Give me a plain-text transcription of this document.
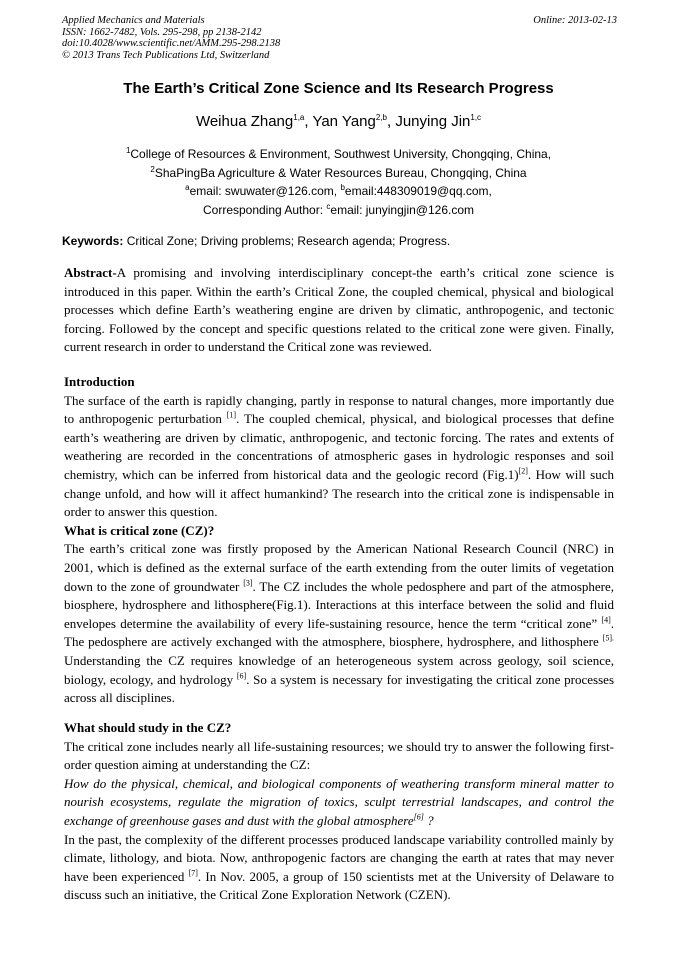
Applied Mechanics and Materials
ISSN: 1662-7482, Vols. 295-298, pp 2138-2142
doi:10.4028/www.scientific.net/AMM.295-298.2138
© 2013 Trans Tech Publications Ltd, Switzerland
Online: 2013-02-13
The Earth’s Critical Zone Science and Its Research Progress
Weihua Zhang$^{1,a}$, Yan Yang$^{2,b}$, Junying Jin$^{1,c}$
$^1$College of Resources & Environment, Southwest University, Chongqing, China,
$^2$ShaPingBa Agriculture & Water Resources Bureau, Chongqing, China
$^a$email: swuwater@126.com, $^b$email:448309019@qq.com,
Corresponding Author: $^c$email: junyingjin@126.com
Keywords: Critical Zone; Driving problems; Research agenda; Progress.

Abstract-A promising and involving interdisciplinary concept-the earth’s critical zone science is introduced in this paper. Within the earth’s Critical Zone, the coupled chemical, physical and biological processes which define Earth’s weathering engine are driven by climatic, anthropogenic, and tectonic forcing. Followed by the concept and specific questions related to the critical zone were given. Finally, current research in order to understand the Critical zone was reviewed.

Introduction

The surface of the earth is rapidly changing, partly in response to natural changes, more importantly due to anthropogenic perturbation [1]. The coupled chemical, physical, and biological processes that define earth’s weathering are driven by climatic, anthropogenic, and tectonic forcing. The rates and extents of weathering are recorded in the concentrations of atmospheric gases in hydrologic responses and soil chemistry, which can be inferred from historical data and the geologic record (Fig.1)[2]. How will such change unfold, and how will it affect humankind? The research into the critical zone is indispensable in order to answer this question.

What is critical zone (CZ)?

The earth’s critical zone was firstly proposed by the American National Research Council (NRC) in 2001, which is defined as the external surface of the earth extending from the outer limits of vegetation down to the zone of groundwater [3]. The CZ includes the whole pedosphere and part of the atmosphere, biosphere, hydrosphere and lithosphere(Fig.1). Interactions at this interface between the solid and fluid envelopes determine the availability of every life-sustaining resource, hence the term “critical zone” [4]. The pedosphere are actively exchanged with the atmosphere, biosphere, hydrosphere, and lithosphere $^{[5].}$ Understanding the CZ requires knowledge of an heterogeneous system across geology, soil science, biology, ecology, and hydrology [6]. So a system is necessary for investigating the critical zone processes across all disciplines.

What should study in the CZ?

The critical zone includes nearly all life-sustaining resources; we should try to answer the following first-order question aiming at understanding the CZ:

How do the physical, chemical, and biological components of weathering transform mineral matter to nourish ecosystems, regulate the migration of toxics, sculpt terrestrial landscapes, and control the exchange of greenhouse gases and dust with the global atmosphere[6] ?

In the past, the complexity of the different processes produced landscape variability controlled mainly by climate, lithology, and biota. Now, anthropogenic factors are changing the earth at rates that may never have been experienced [7]. In Nov. 2005, a group of 150 scientists met at the University of Delaware to discuss such an initiative, the Critical Zone Exploration Network (CZEN).
